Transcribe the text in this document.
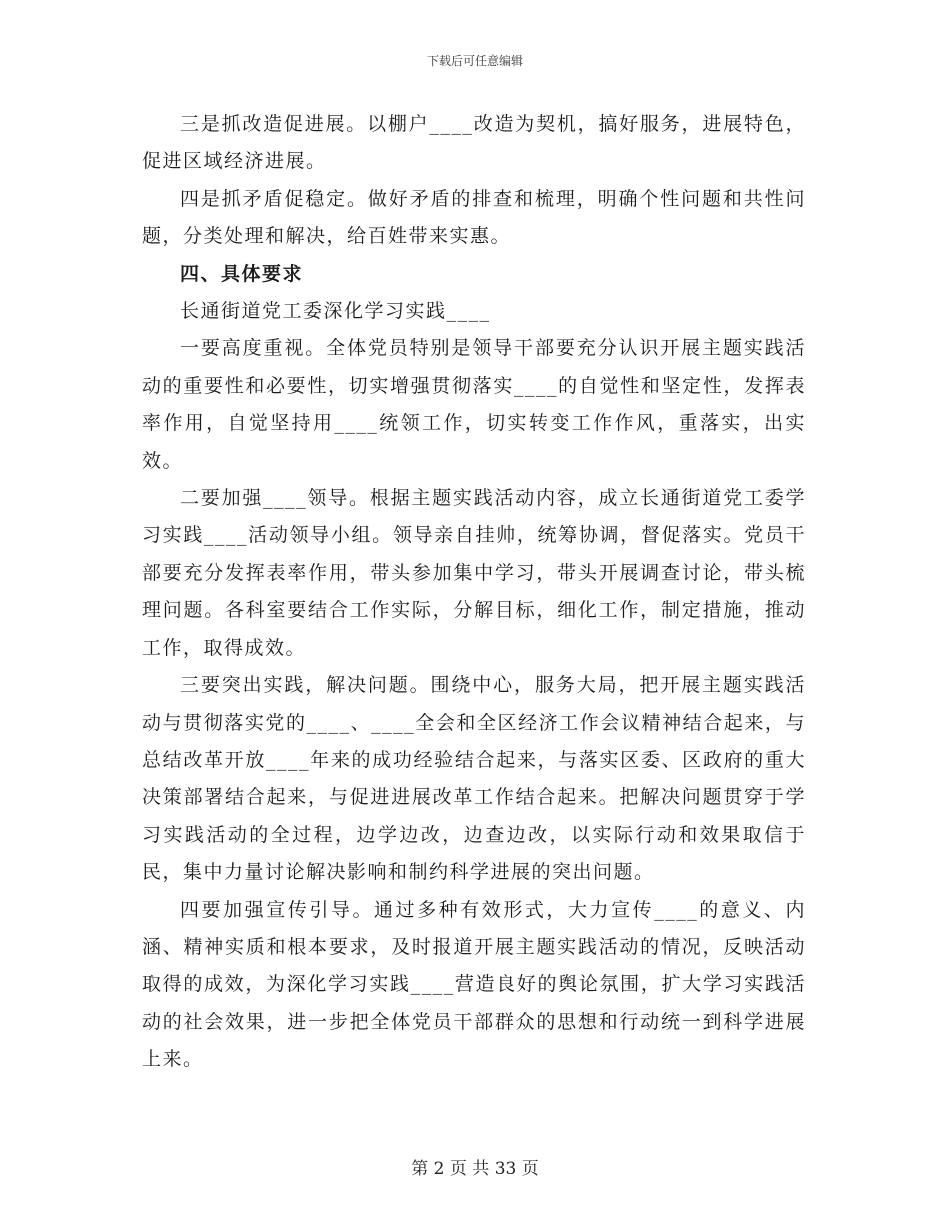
下载后可任意编辑

三是抓改造促进展。以棚户____改造为契机，搞好服务，进展特色，促进区域经济进展。

四是抓矛盾促稳定。做好矛盾的排查和梳理，明确个性问题和共性问题，分类处理和解决，给百姓带来实惠。

四、具体要求

长通街道党工委深化学习实践____

一要高度重视。全体党员特别是领导干部要充分认识开展主题实践活动的重要性和必要性，切实增强贯彻落实____的自觉性和坚定性，发挥表率作用，自觉坚持用____统领工作，切实转变工作作风，重落实，出实效。

二要加强____领导。根据主题实践活动内容，成立长通街道党工委学习实践____活动领导小组。领导亲自挂帅，统筹协调，督促落实。党员干部要充分发挥表率作用，带头参加集中学习，带头开展调查讨论，带头梳理问题。各科室要结合工作实际，分解目标，细化工作，制定措施，推动工作，取得成效。

三要突出实践，解决问题。围绕中心，服务大局，把开展主题实践活动与贯彻落实党的____、____全会和全区经济工作会议精神结合起来，与总结改革开放____年来的成功经验结合起来，与落实区委、区政府的重大决策部署结合起来，与促进进展改革工作结合起来。把解决问题贯穿于学习实践活动的全过程，边学边改，边查边改，以实际行动和效果取信于民，集中力量讨论解决影响和制约科学进展的突出问题。

四要加强宣传引导。通过多种有效形式，大力宣传____的意义、内涵、精神实质和根本要求，及时报道开展主题实践活动的情况，反映活动取得的成效，为深化学习实践____营造良好的舆论氛围，扩大学习实践活动的社会效果，进一步把全体党员干部群众的思想和行动统一到科学进展上来。

第 2 页 共 33 页
